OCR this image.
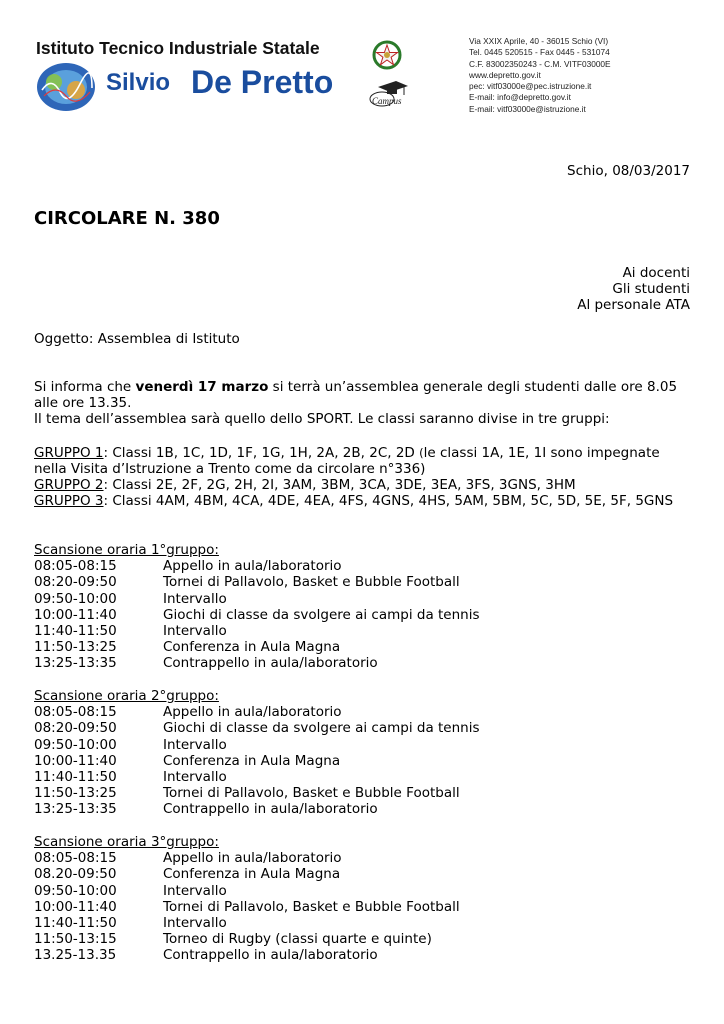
Istituto Tecnico Industriale Statale
Silvio De Pretto
Campus
Via XXIX Aprile, 40 - 36015 Schio (VI)
Tel. 0445 520515 - Fax 0445 - 531074
C.F. 83002350243 - C.M. VITF03000E
www.depretto.gov.it
pec: vitf03000e@pec.istruzione.it
E-mail: info@depretto.gov.it
E-mail: vitf03000e@istruzione.it
Schio, 08/03/2017
CIRCOLARE N. 380
Ai docenti
Gli studenti
Al personale ATA
Oggetto: Assemblea di Istituto
Si informa che venerdì 17 marzo si terrà un’assemblea generale degli studenti dalle ore 8.05
alle ore 13.35.
Il tema dell’assemblea sarà quello dello SPORT. Le classi saranno divise in tre gruppi:
GRUPPO 1: Classi 1B, 1C, 1D, 1F, 1G, 1H, 2A, 2B, 2C, 2D (le classi 1A, 1E, 1I sono impegnate
nella Visita d’Istruzione a Trento come da circolare n°336)
GRUPPO 2: Classi 2E, 2F, 2G, 2H, 2I, 3AM, 3BM, 3CA, 3DE, 3EA, 3FS, 3GNS, 3HM
GRUPPO 3: Classi 4AM, 4BM, 4CA, 4DE, 4EA, 4FS, 4GNS, 4HS, 5AM, 5BM, 5C, 5D, 5E, 5F, 5GNS
Scansione oraria 1°gruppo:
08:05-08:15	Appello in aula/laboratorio
08:20-09:50	Tornei di Pallavolo, Basket e Bubble Football
09:50-10:00	Intervallo
10:00-11:40	Giochi di classe da svolgere ai campi da tennis
11:40-11:50	Intervallo
11:50-13:25	Conferenza in Aula Magna
13:25-13:35	Contrappello in aula/laboratorio
Scansione oraria 2°gruppo:
08:05-08:15	Appello in aula/laboratorio
08:20-09:50	Giochi di classe da svolgere ai campi da tennis
09:50-10:00	Intervallo
10:00-11:40	Conferenza in Aula Magna
11:40-11:50	Intervallo
11:50-13:25	Tornei di Pallavolo, Basket e Bubble Football
13:25-13:35	Contrappello in aula/laboratorio
Scansione oraria 3°gruppo:
08:05-08:15	Appello in aula/laboratorio
08.20-09:50	Conferenza in Aula Magna
09:50-10:00	Intervallo
10:00-11:40	Tornei di Pallavolo, Basket e Bubble Football
11:40-11:50	Intervallo
11:50-13:15	Torneo di Rugby (classi quarte e quinte)
13.25-13.35	Contrappello in aula/laboratorio
